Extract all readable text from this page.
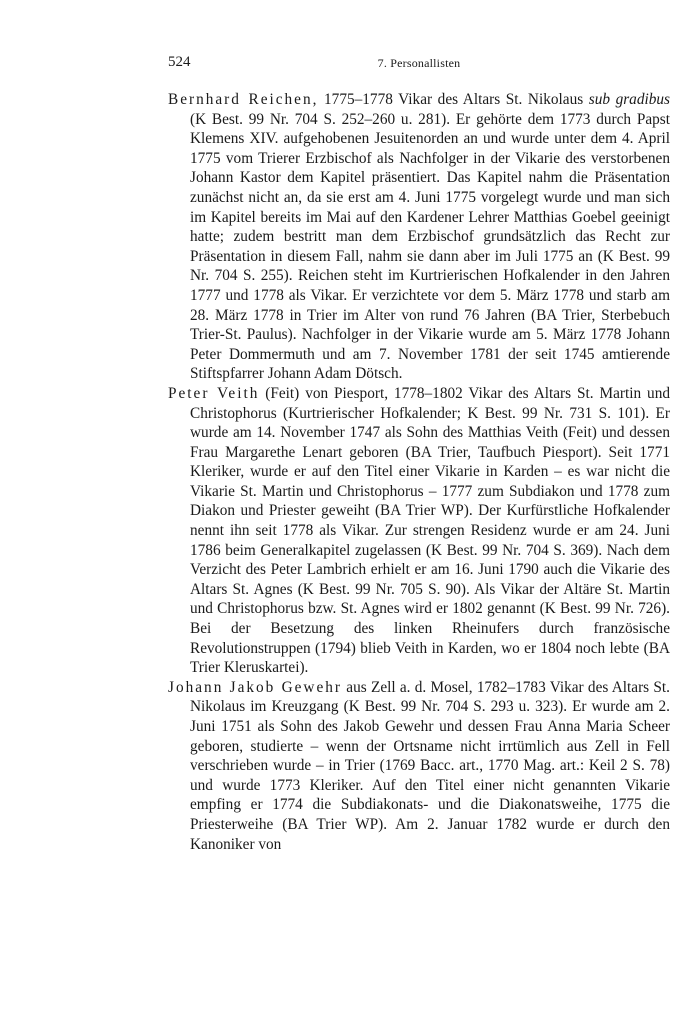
524	7. Personallisten

Bernhard Reichen, 1775–1778 Vikar des Altars St. Nikolaus sub gradibus (K Best. 99 Nr. 704 S. 252–260 u. 281). Er gehörte dem 1773 durch Papst Klemens XIV. aufgehobenen Jesuitenorden an und wurde unter dem 4. April 1775 vom Trierer Erzbischof als Nachfolger in der Vikarie des verstorbenen Johann Kastor dem Kapitel präsentiert. Das Kapitel nahm die Präsentation zunächst nicht an, da sie erst am 4. Juni 1775 vorgelegt wurde und man sich im Kapitel bereits im Mai auf den Kardener Lehrer Matthias Goebel geeinigt hatte; zudem bestritt man dem Erzbischof grundsätzlich das Recht zur Präsentation in diesem Fall, nahm sie dann aber im Juli 1775 an (K Best. 99 Nr. 704 S. 255). Reichen steht im Kurtrierischen Hofkalender in den Jahren 1777 und 1778 als Vikar. Er verzichtete vor dem 5. März 1778 und starb am 28. März 1778 in Trier im Alter von rund 76 Jahren (BA Trier, Sterbebuch Trier-St. Paulus). Nachfolger in der Vikarie wurde am 5. März 1778 Johann Peter Dommermuth und am 7. November 1781 der seit 1745 amtierende Stiftspfarrer Johann Adam Dötsch.

Peter Veith (Feit) von Piesport, 1778–1802 Vikar des Altars St. Martin und Christophorus (Kurtrierischer Hofkalender; K Best. 99 Nr. 731 S. 101). Er wurde am 14. November 1747 als Sohn des Matthias Veith (Feit) und dessen Frau Margarethe Lenart geboren (BA Trier, Taufbuch Piesport). Seit 1771 Kleriker, wurde er auf den Titel einer Vikarie in Karden – es war nicht die Vikarie St. Martin und Christophorus – 1777 zum Subdiakon und 1778 zum Diakon und Priester geweiht (BA Trier WP). Der Kurfürstliche Hofkalender nennt ihn seit 1778 als Vikar. Zur strengen Residenz wurde er am 24. Juni 1786 beim Generalkapitel zugelassen (K Best. 99 Nr. 704 S. 369). Nach dem Verzicht des Peter Lambrich erhielt er am 16. Juni 1790 auch die Vikarie des Altars St. Agnes (K Best. 99 Nr. 705 S. 90). Als Vikar der Altäre St. Martin und Christophorus bzw. St. Agnes wird er 1802 genannt (K Best. 99 Nr. 726). Bei der Besetzung des linken Rheinufers durch französische Revolutionstruppen (1794) blieb Veith in Karden, wo er 1804 noch lebte (BA Trier Kleruskartei).

Johann Jakob Gewehr aus Zell a. d. Mosel, 1782–1783 Vikar des Altars St. Nikolaus im Kreuzgang (K Best. 99 Nr. 704 S. 293 u. 323). Er wurde am 2. Juni 1751 als Sohn des Jakob Gewehr und dessen Frau Anna Maria Scheer geboren, studierte – wenn der Ortsname nicht irrtümlich aus Zell in Fell verschrieben wurde – in Trier (1769 Bacc. art., 1770 Mag. art.: Keil 2 S. 78) und wurde 1773 Kleriker. Auf den Titel einer nicht genannten Vikarie empfing er 1774 die Subdiakonats- und die Diakonatsweihe, 1775 die Priesterweihe (BA Trier WP). Am 2. Januar 1782 wurde er durch den Kanoniker von
